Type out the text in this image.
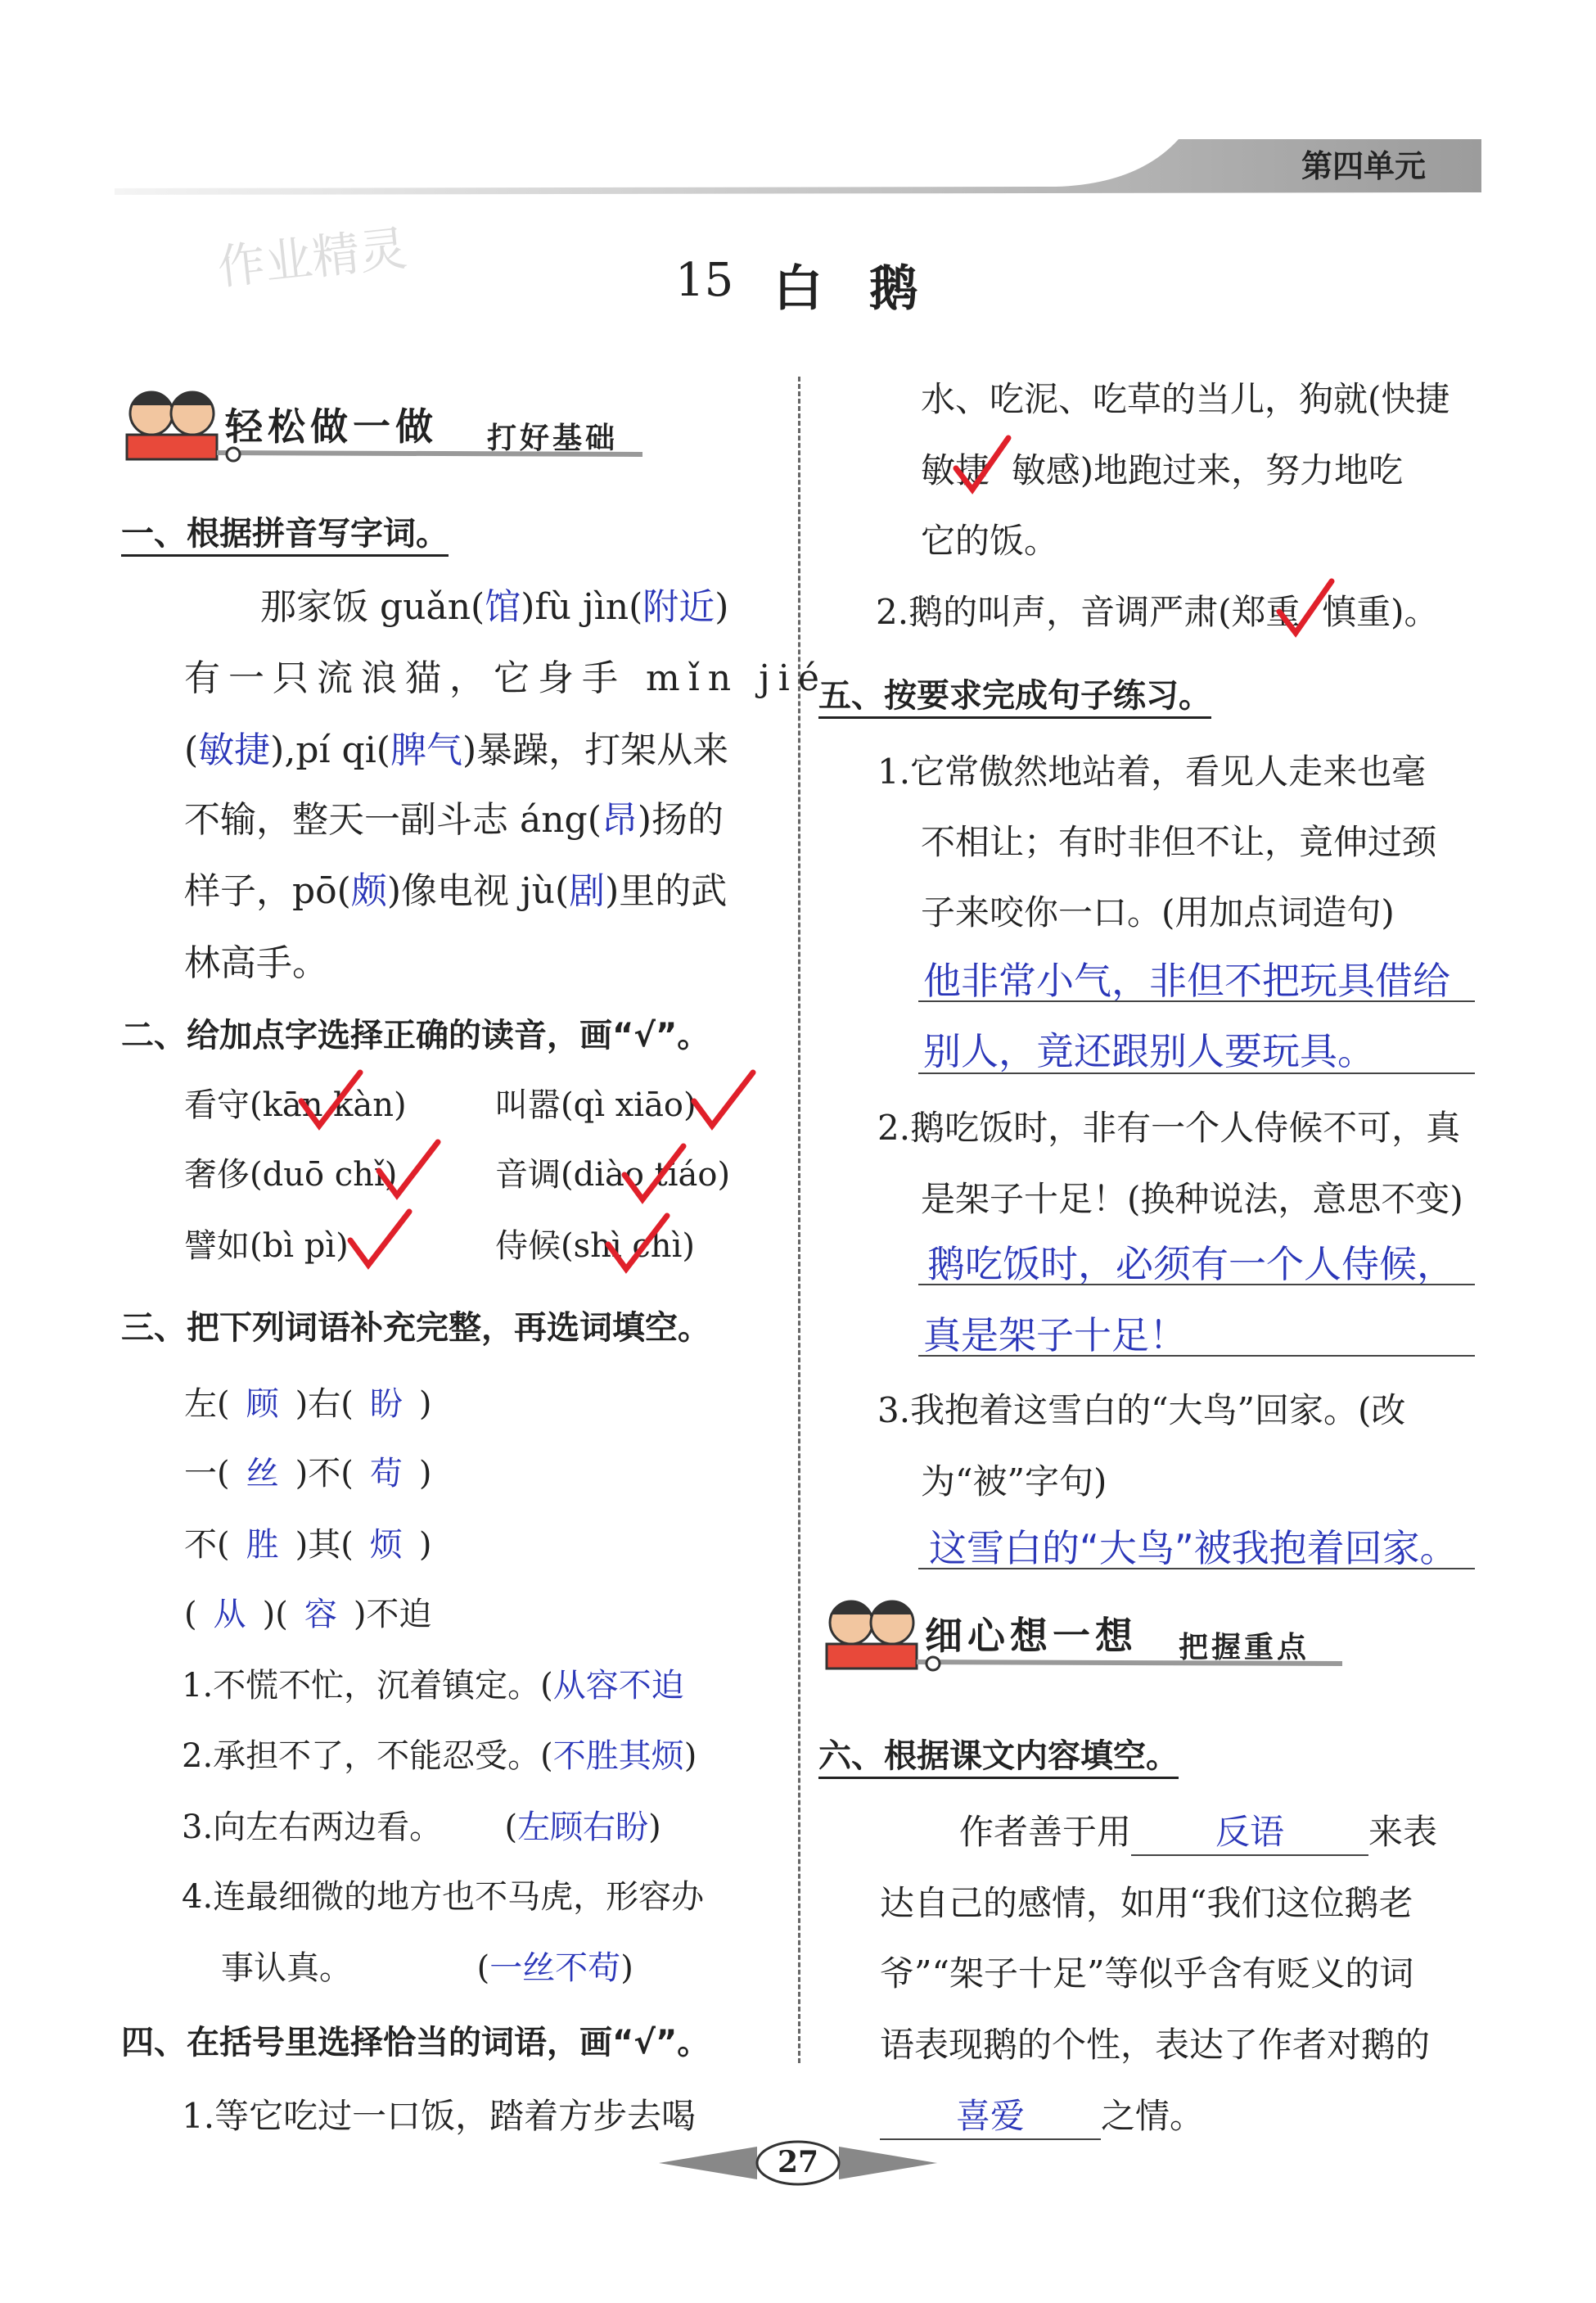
第四单元
作业精灵	15 白 鹅
轻松做一做 打好基础
一、根据拼音写字词。
那家饭 guǎn(馆)fù jìn(附近)
有一只流浪猫，它身手 mǐn jié
(敏捷),pí qi(脾气)暴躁，打架从来
不输，整天一副斗志 áng(昂)扬的
样子，pō(颇)像电视 jù(剧)里的武
林高手。
二、给加点字选择正确的读音，画“√”。
看守(kān kàn)	叫嚣(qì xiāo)
奢侈(duō chǐ)	音调(diào tiáo)
譬如(bì pì)	侍候(shì chì)
三、把下列词语补充完整，再选词填空。
左( 顾 )右( 盼 )
一( 丝 )不( 苟 )
不( 胜 )其( 烦 )
( 从 )( 容 )不迫
1.不慌不忙，沉着镇定。(从容不迫
2.承担不了，不能忍受。(不胜其烦)
3.向左右两边看。      (左顾右盼)
4.连最细微的地方也不马虎，形容办
事认真。            (一丝不苟)
四、在括号里选择恰当的词语，画“√”。
1.等它吃过一口饭，踏着方步去喝
水、吃泥、吃草的当儿，狗就(快捷
敏捷  敏感)地跑过来，努力地吃
它的饭。
2.鹅的叫声，音调严肃(郑重  慎重)。
五、按要求完成句子练习。
1.它常傲然地站着，看见人走来也毫
不相让；有时非但不让，竟伸过颈
子来咬你一口。(用加点词造句)
他非常小气，非但不把玩具借给
别人，竟还跟别人要玩具。
2.鹅吃饭时，非有一个人侍候不可，真
是架子十足！(换种说法，意思不变)
鹅吃饭时，必须有一个人侍候，
真是架子十足！
3.我抱着这雪白的“大鸟”回家。(改
为“被”字句)
这雪白的“大鸟”被我抱着回家。
细心想一想 把握重点
六、根据课文内容填空。
作者善于用 反语 来表
达自己的感情，如用“我们这位鹅老
爷”“架子十足”等似乎含有贬义的词
语表现鹅的个性，表达了作者对鹅的
喜爱 之情。
27
